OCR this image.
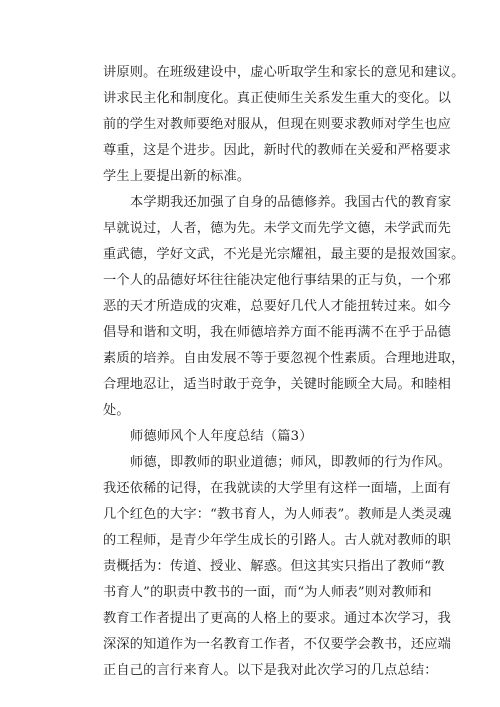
讲原则。在班级建设中，虚心听取学生和家长的意见和建议。
讲求民主化和制度化。真正使师生关系发生重大的变化。以
前的学生对教师要绝对服从，但现在则要求教师对学生也应
尊重，这是个进步。因此，新时代的教师在关爱和严格要求
学生上要提出新的标准。
本学期我还加强了自身的品德修养。我国古代的教育家
早就说过，人者，德为先。未学文而先学文德，未学武而先
重武德，学好文武，不光是光宗耀祖，最主要的是报效国家。
一个人的品德好坏往往能决定他行事结果的正与负，一个邪
恶的天才所造成的灾难，总要好几代人才能扭转过来。如今
倡导和谐和文明，我在师德培养方面不能再满不在乎于品德
素质的培养。自由发展不等于要忽视个性素质。合理地进取，
合理地忍让，适当时敢于竞争，关键时能顾全大局。和睦相
处。
师德师风个人年度总结（篇3）
师德，即教师的职业道德；师风，即教师的行为作风。
我还依稀的记得，在我就读的大学里有这样一面墙，上面有
几个红色的大字：“教书育人，为人师表”。教师是人类灵魂
的工程师，是青少年学生成长的引路人。古人就对教师的职
责概括为：传道、授业、解惑。但这其实只指出了教师“教
书育人”的职责中教书的一面，而“为人师表”则对教师和
教育工作者提出了更高的人格上的要求。通过本次学习，我
深深的知道作为一名教育工作者，不仅要学会教书，还应端
正自己的言行来育人。以下是我对此次学习的几点总结：
